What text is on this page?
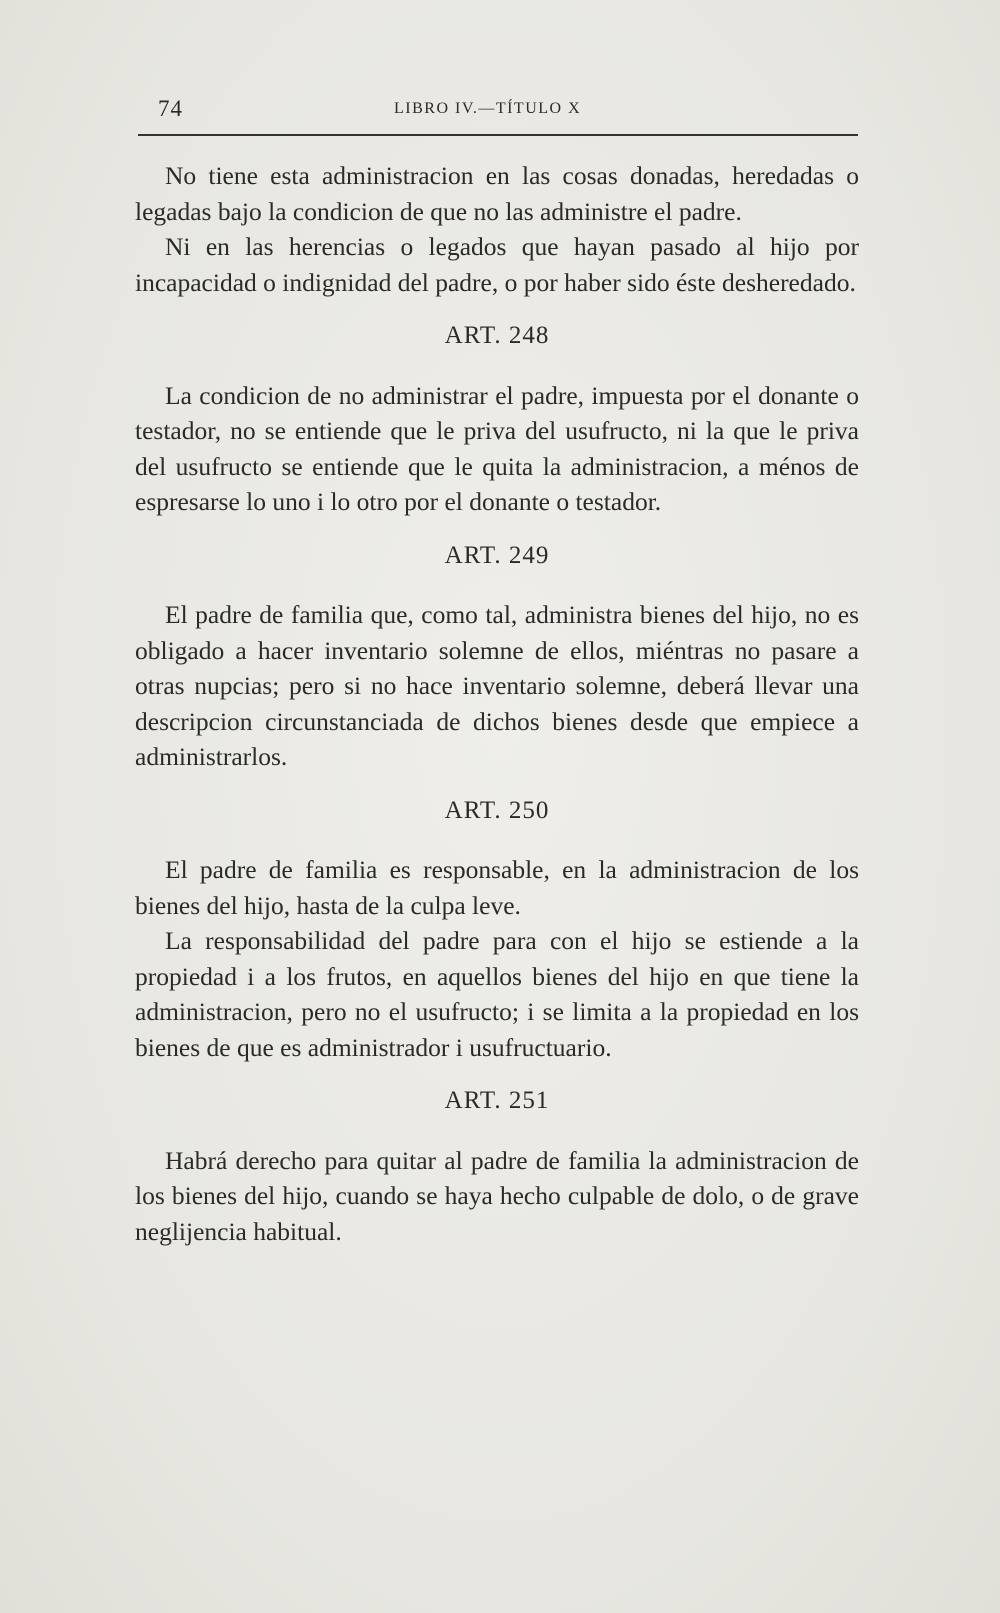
74	LIBRO IV.—TÍTULO X

No tiene esta administracion en las cosas donadas, heredadas o legadas bajo la condicion de que no las administre el padre.

Ni en las herencias o legados que hayan pasado al hijo por incapacidad o indignidad del padre, o por haber sido éste desheredado.

ART. 248

La condicion de no administrar el padre, impuesta por el donante o testador, no se entiende que le priva del usufructo, ni la que le priva del usufructo se entiende que le quita la administracion, a ménos de espresarse lo uno i lo otro por el donante o testador.

ART. 249

El padre de familia que, como tal, administra bienes del hijo, no es obligado a hacer inventario solemne de ellos, miéntras no pasare a otras nupcias; pero si no hace inventario solemne, deberá llevar una descripcion circunstanciada de dichos bienes desde que empiece a administrarlos.

ART. 250

El padre de familia es responsable, en la administracion de los bienes del hijo, hasta de la culpa leve.

La responsabilidad del padre para con el hijo se estiende a la propiedad i a los frutos, en aquellos bienes del hijo en que tiene la administracion, pero no el usufructo; i se limita a la propiedad en los bienes de que es administrador i usufructuario.

ART. 251

Habrá derecho para quitar al padre de familia la administracion de los bienes del hijo, cuando se haya hecho culpable de dolo, o de grave neglijencia habitual.
